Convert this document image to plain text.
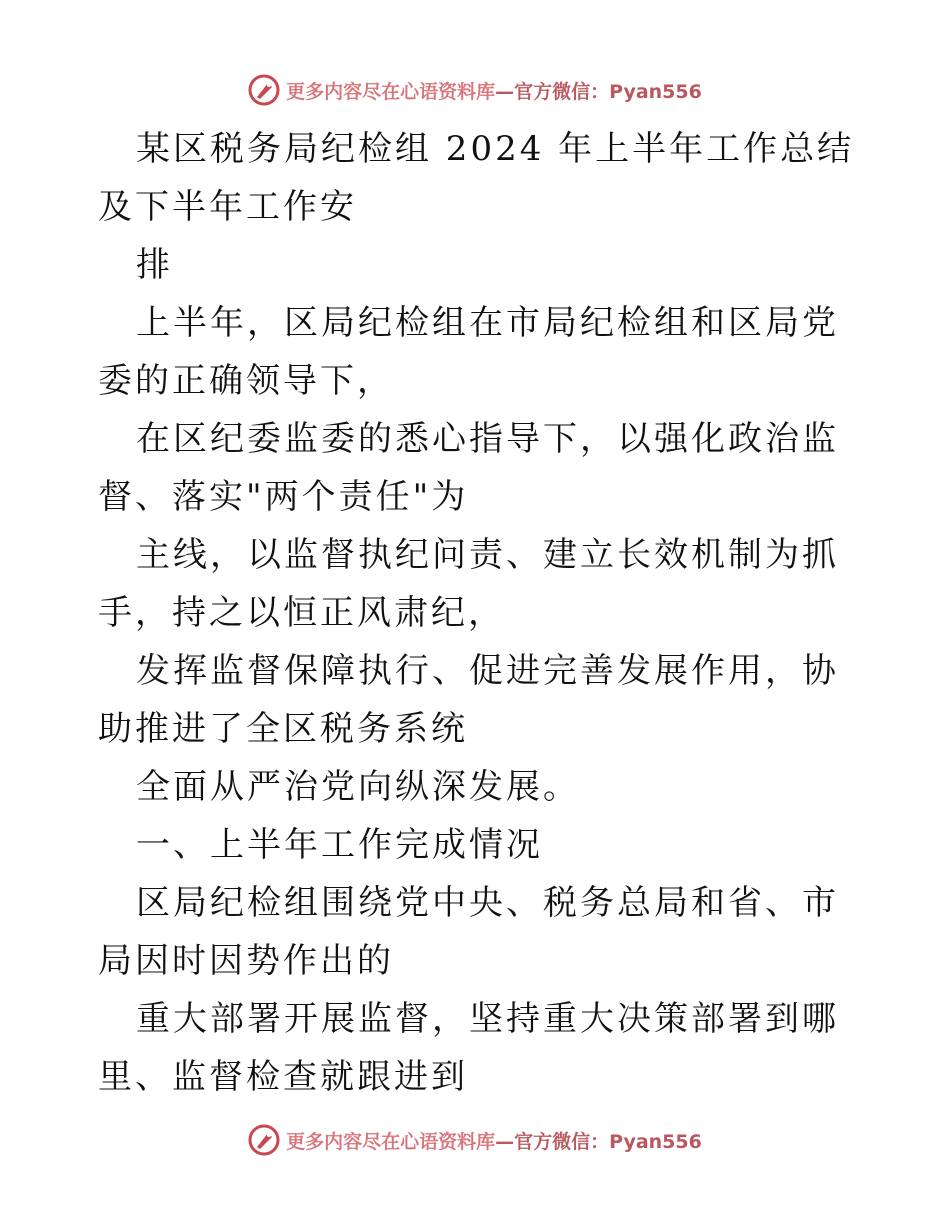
更多内容尽在心语资料库—官方微信：Pyan556

某区税务局纪检组 2024 年上半年工作总结及下半年工作安

排

上半年，区局纪检组在市局纪检组和区局党委的正确领导下，

在区纪委监委的悉心指导下，以强化政治监督、落实"两个责任"为

主线，以监督执纪问责、建立长效机制为抓手，持之以恒正风肃纪，

发挥监督保障执行、促进完善发展作用，协助推进了全区税务系统

全面从严治党向纵深发展。

一、上半年工作完成情况

区局纪检组围绕党中央、税务总局和省、市局因时因势作出的

重大部署开展监督，坚持重大决策部署到哪里、监督检查就跟进到

更多内容尽在心语资料库—官方微信：Pyan556
